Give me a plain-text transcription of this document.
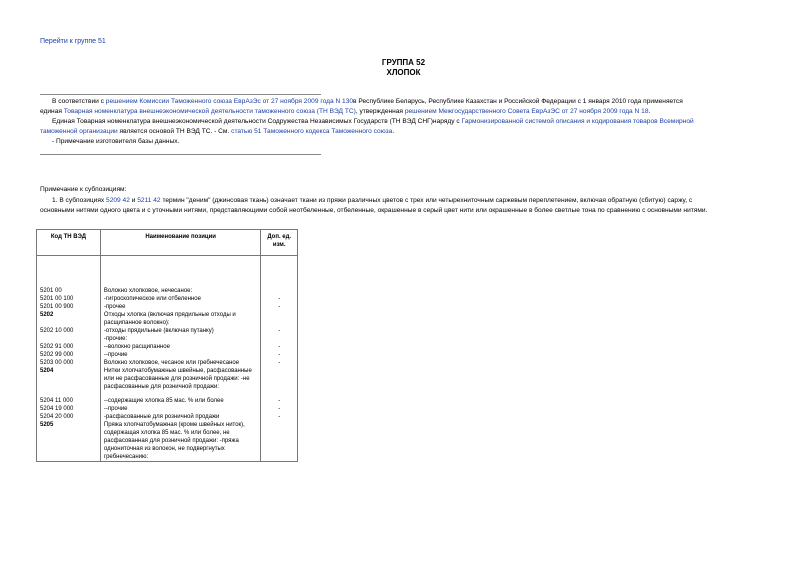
Перейти к группе 51
ГРУППА 52
ХЛОПОК
В соответствии с решением Комиссии Таможенного союза ЕврАзЭс от 27 ноября 2009 года N 130в Республике Беларусь, Республике Казахстан и Российской Федерации с 1 января 2010 года применяется
единая Товарная номенклатура внешнеэкономической деятельности таможенного союза (ТН ВЭД ТС), утвержденная решением Межгосударственного Совета ЕврАзЭС от 27 ноября 2009 года N 18.
Единая Товарная номенклатура внешнеэкономической деятельности Содружества Независимых Государств (ТН ВЭД СНГ)наряду с Гармонизированной системой описания и кодирования товаров Всемирной
таможенной организации является основой ТН ВЭД ТС. - См. статью 51 Таможенного кодекса Таможенного союза.
- Примечание изготовителя базы данных.
Примечание к субпозициям:
1. В субпозициях 5209 42 и 5211 42 термин "деним" (джинсовая ткань) означает ткани из пряжи различных цветов с трех или четырехниточным саржевым переплетением, включая обратную (сбитую) саржу, с
основными нитями одного цвета и с уточными нитями, представляющими собой неотбеленные, отбеленные, окрашенные в серый цвет нити или окрашенные в более светлые тона по сравнению с основными нитями.
Код ТН ВЭД	Наименование позиции	Доп. ед. изм.

5201 00	Волокно хлопковое, нечесаное:	
5201 00 100	-гигроскопическое или отбеленное	-
5201 00 900	-прочее	-
5202	Отходы хлопка (включая прядильные отходы и расщипанное волокно):	
5202 10 000	-отходы прядильные (включая путанку)	-
	-прочие:	
5202 91 000	--волокно расщипанное	-
5202 99 000	--прочие	-
5203 00 000	Волокно хлопковое, чесаное или гребнечесаное	-
5204	Нитки хлопчатобумажные швейные, расфасованные или не расфасованные для розничной продажи: -не расфасованные для розничной продажи:	
5204 11 000	--содержащие хлопка 85 мас. % или более	-
5204 19 000	--прочие	-
5204 20 000	-расфасованные для розничной продажи	-
5205	Пряжа хлопчатобумажная (кроме швейных ниток), содержащая хлопка 85 мас. % или более, не расфасованная для розничной продажи: -пряжа однониточная из волокон, не подвергнутых гребнечесанию:	
